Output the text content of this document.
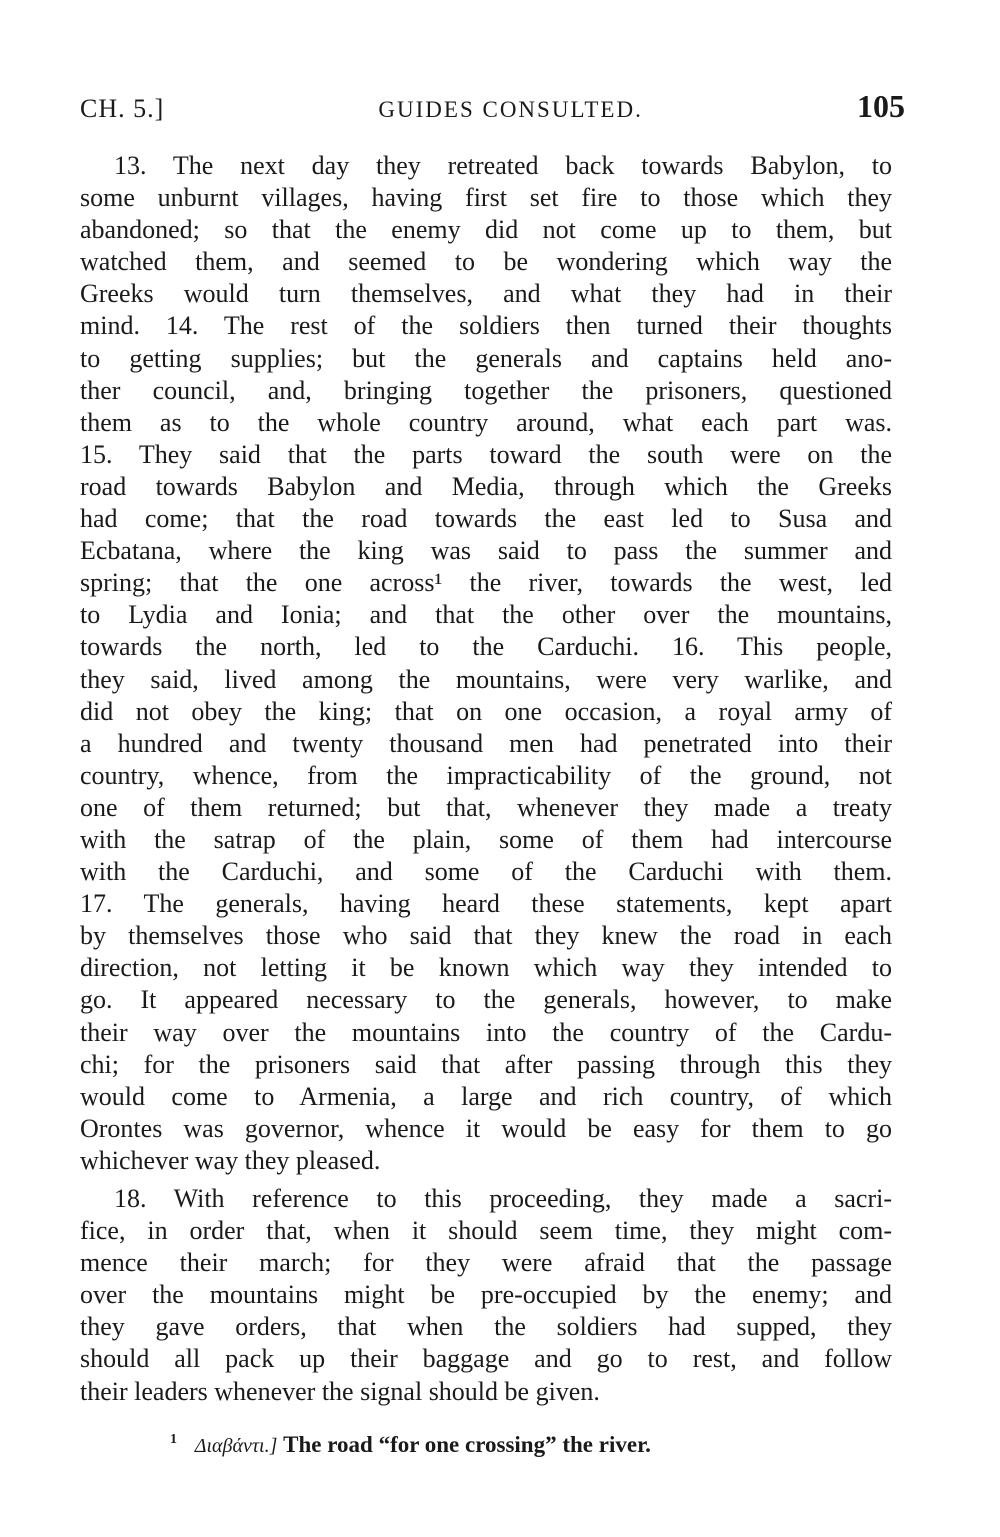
CH. 5.]	GUIDES CONSULTED.	105
13. The next day they retreated back towards Babylon, to
some unburnt villages, having first set fire to those which they
abandoned; so that the enemy did not come up to them, but
watched them, and seemed to be wondering which way the
Greeks would turn themselves, and what they had in their
mind. 14. The rest of the soldiers then turned their thoughts
to getting supplies; but the generals and captains held ano-
ther council, and, bringing together the prisoners, questioned
them as to the whole country around, what each part was.
15. They said that the parts toward the south were on the
road towards Babylon and Media, through which the Greeks
had come; that the road towards the east led to Susa and
Ecbatana, where the king was said to pass the summer and
spring; that the one across¹ the river, towards the west, led
to Lydia and Ionia; and that the other over the mountains,
towards the north, led to the Carduchi. 16. This people,
they said, lived among the mountains, were very warlike, and
did not obey the king; that on one occasion, a royal army of
a hundred and twenty thousand men had penetrated into their
country, whence, from the impracticability of the ground, not
one of them returned; but that, whenever they made a treaty
with the satrap of the plain, some of them had intercourse
with the Carduchi, and some of the Carduchi with them.
17. The generals, having heard these statements, kept apart
by themselves those who said that they knew the road in each
direction, not letting it be known which way they intended to
go. It appeared necessary to the generals, however, to make
their way over the mountains into the country of the Cardu-
chi; for the prisoners said that after passing through this they
would come to Armenia, a large and rich country, of which
Orontes was governor, whence it would be easy for them to go
whichever way they pleased.
18. With reference to this proceeding, they made a sacri-
fice, in order that, when it should seem time, they might com-
mence their march; for they were afraid that the passage
over the mountains might be pre-occupied by the enemy; and
they gave orders, that when the soldiers had supped, they
should all pack up their baggage and go to rest, and follow
their leaders whenever the signal should be given.
$^1$ Διαβάντι.] The road “for one crossing” the river.
